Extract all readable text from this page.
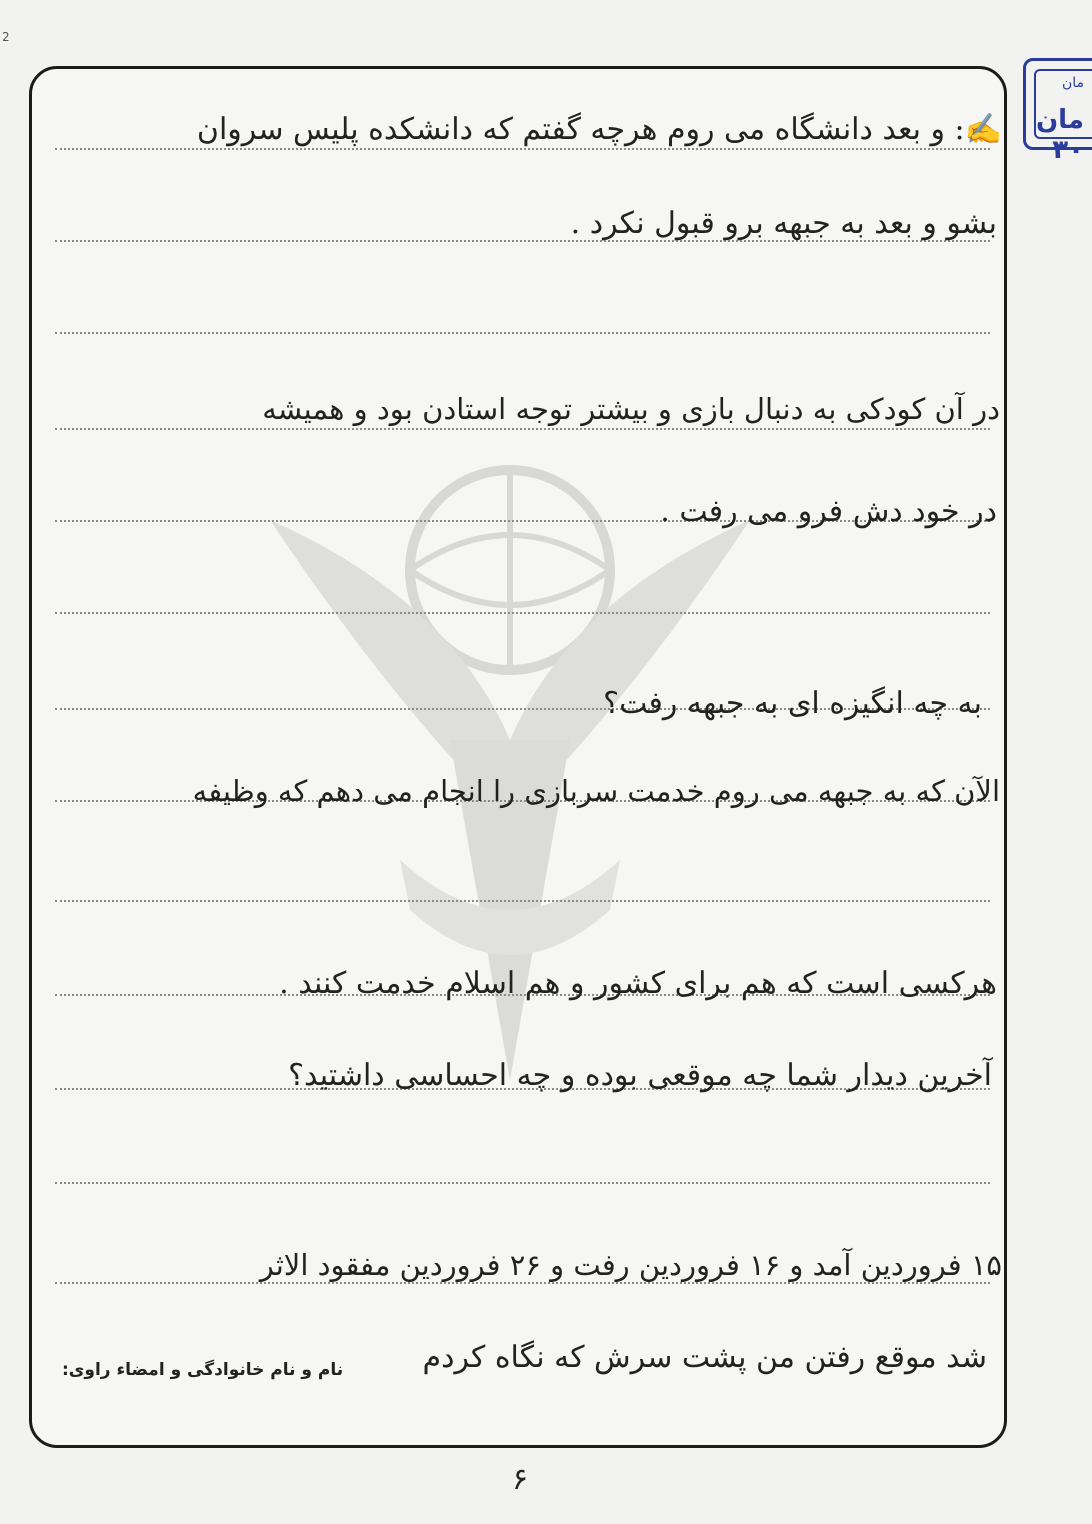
2
مان
مان ۳۰
✍: و بعد دانشگاه می روم هرچه گفتم که دانشکده پلیس سروان
بشو و بعد به جبهه برو قبول نکرد .
در آن کودکی به دنبال بازی و بیشتر توجه استادن بود و همیشه
در خود دش فرو می رفت .
به چه انگیزه ای به جبهه رفت؟
الآن که به جبهه می روم خدمت سربازی را انجام می دهم که وظیفه
هرکسی است که هم برای کشور و هم اسلام خدمت کنند .
آخرین دیدار شما چه موقعی بوده و چه احساسی داشتید؟
۱۵ فروردین آمد و ۱۶ فروردین رفت و ۲۶ فروردین مفقود الاثر
شد موقع رفتن من پشت سرش که نگاه کردم
نام و نام خانوادگی و امضاء راوی:
۶
